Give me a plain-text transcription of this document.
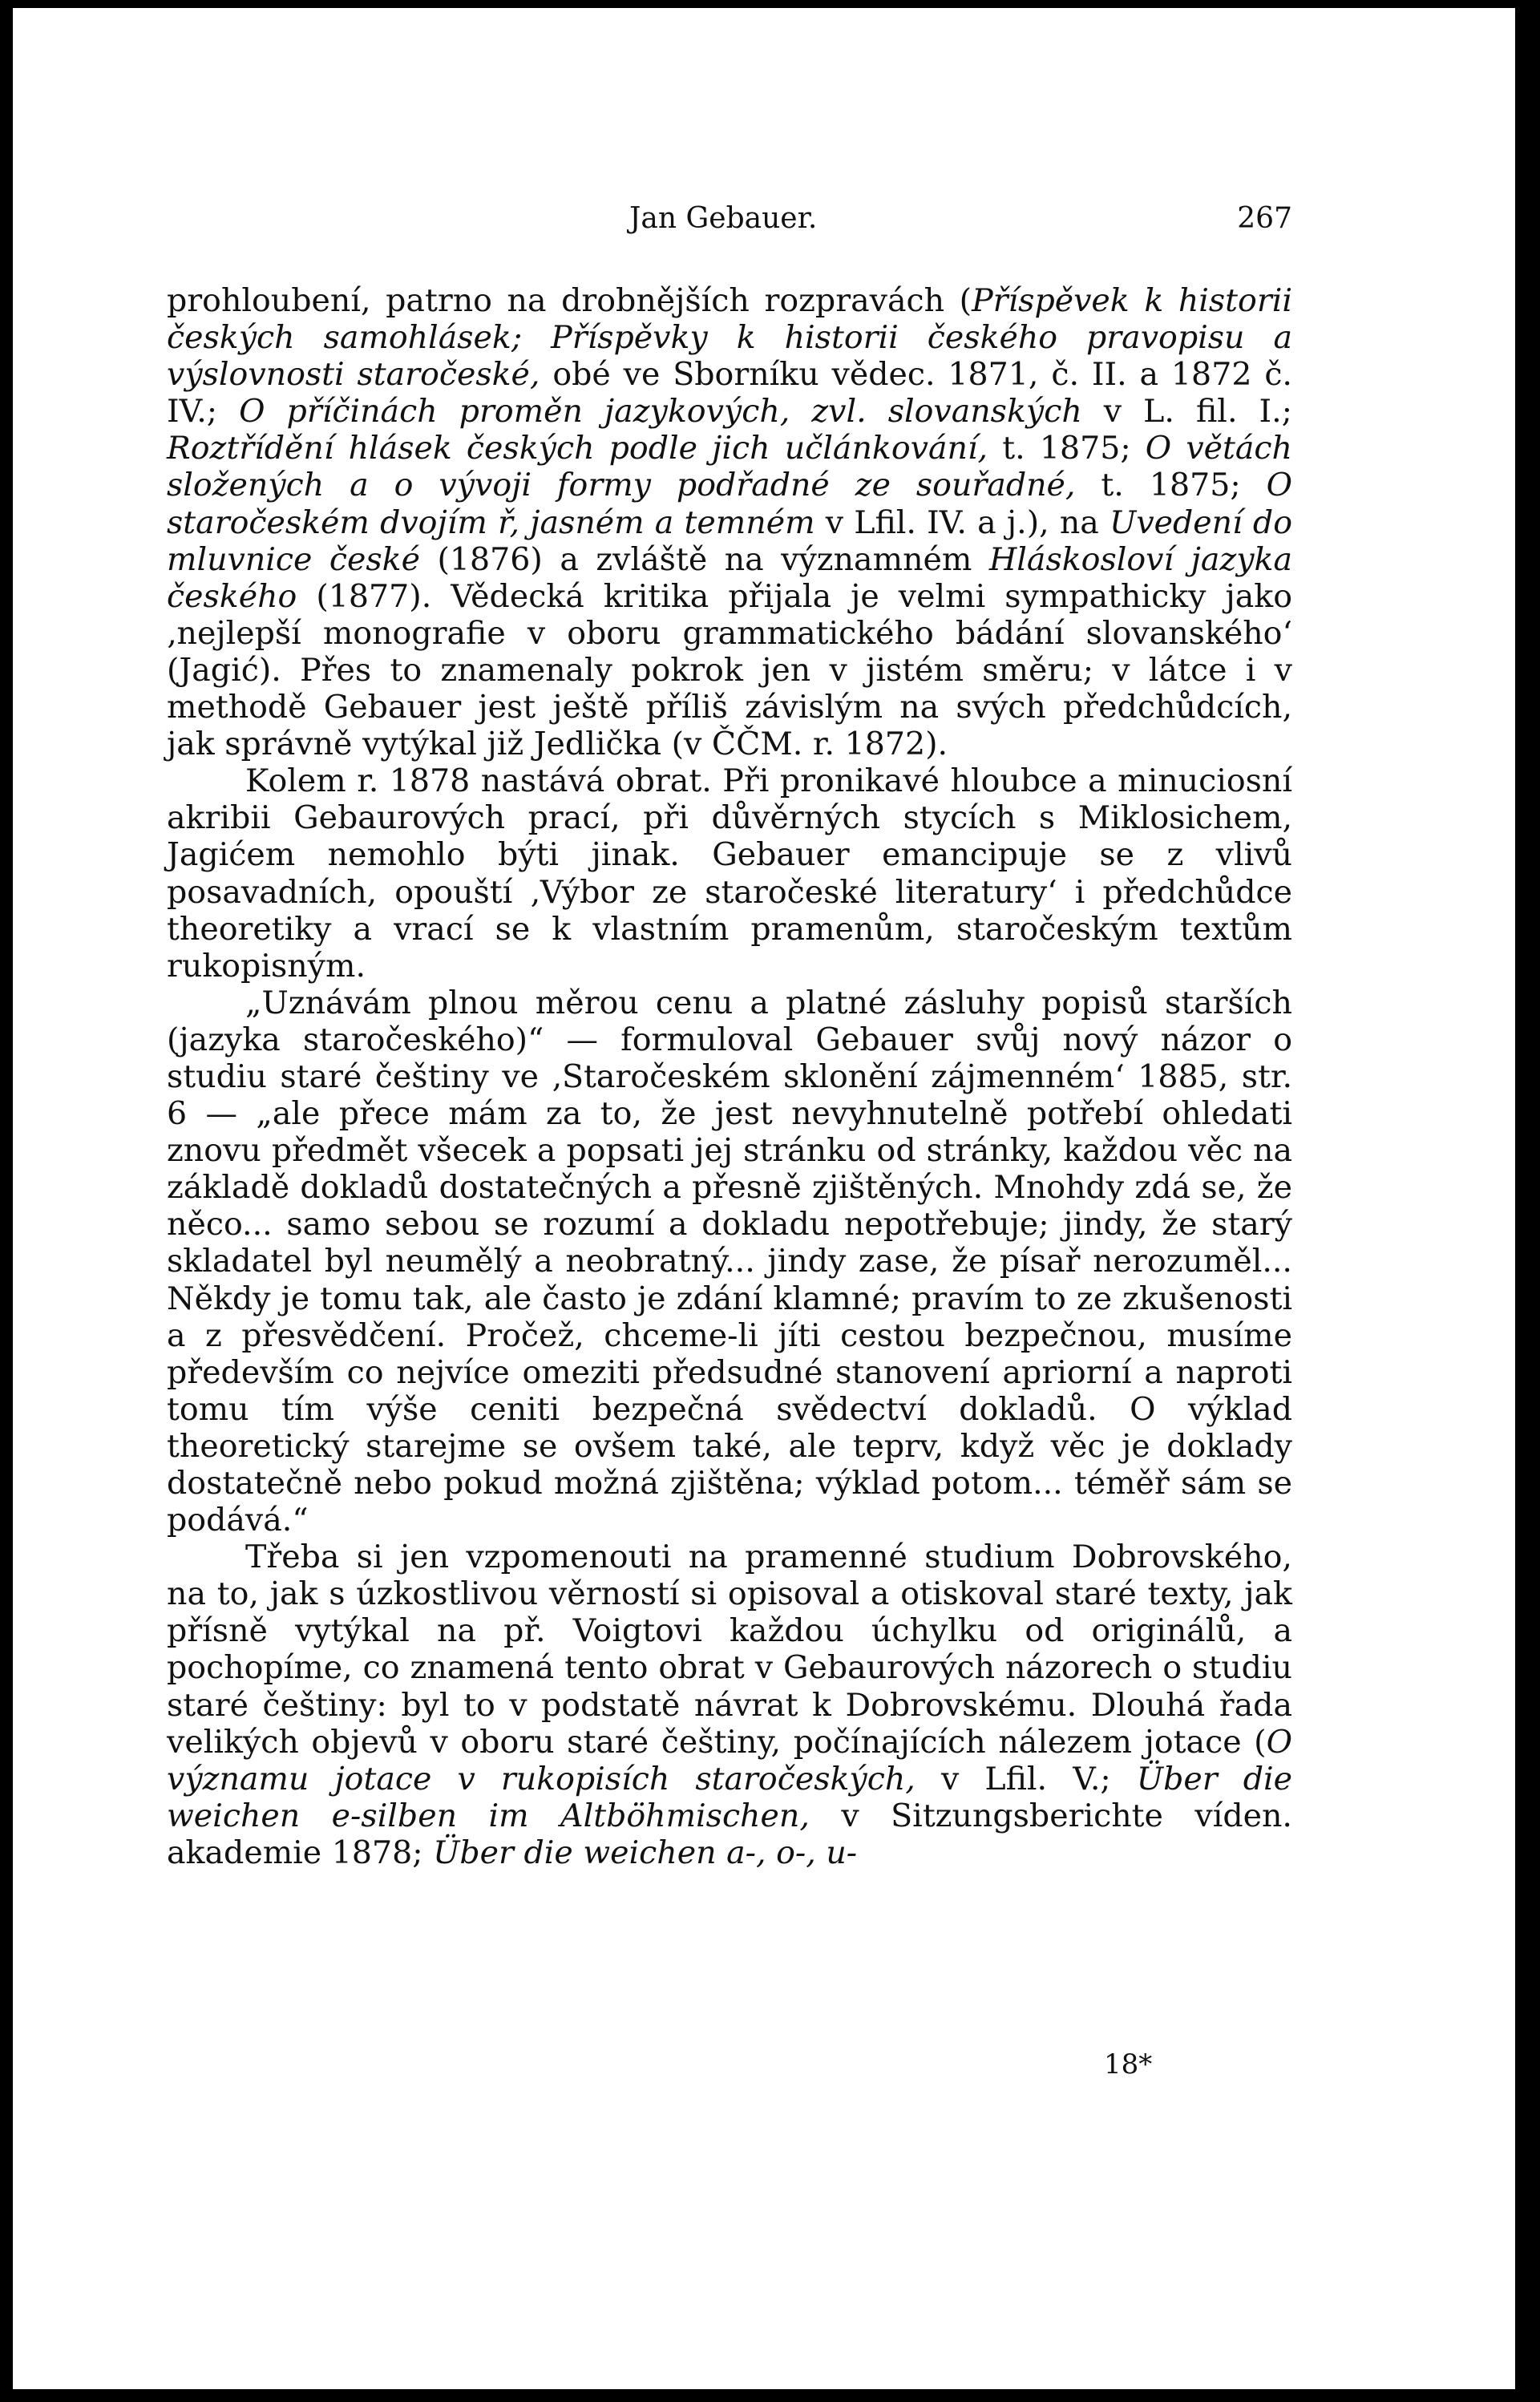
Jan Gebauer.	267

prohloubení, patrno na drobnějších rozpravách (Příspěvek k historii českých samohlásek; Příspěvky k historii českého pravopisu a výslovnosti staročeské, obé ve Sborníku vědec. 1871, č. II. a 1872 č. IV.; O příčinách proměn jazykových, zvl. slovanských v L. fil. I.; Roztřídění hlásek českých podle jich učlánkování, t. 1875; O větách složených a o vývoji formy podřadné ze souřadné, t. 1875; O staročeském dvojím ř, jasném a temném v Lfil. IV. a j.), na Uvedení do mluvnice české (1876) a zvláště na významném Hláskosloví jazyka českého (1877). Vědecká kritika přijala je velmi sympathicky jako ‚nejlepší monografie v oboru grammatického bádání slovanského‘ (Jagić). Přes to znamenaly pokrok jen v jistém směru; v látce i v methodě Gebauer jest ještě příliš závislým na svých předchůdcích, jak správně vytýkal již Jedlička (v ČČM. r. 1872).

Kolem r. 1878 nastává obrat. Při pronikavé hloubce a minuciosní akribii Gebaurových prací, při důvěrných stycích s Miklosichem, Jagićem nemohlo býti jinak. Gebauer emancipuje se z vlivů posavadních, opouští ‚Výbor ze staročeské literatury‘ i předchůdce theoretiky a vrací se k vlastním pramenům, staročeským textům rukopisným.

„Uznávám plnou měrou cenu a platné zásluhy popisů starších (jazyka staročeského)“ — formuloval Gebauer svůj nový názor o studiu staré češtiny ve ‚Staročeském sklonění zájmenném‘ 1885, str. 6 — „ale přece mám za to, že jest nevyhnutelně potřebí ohledati znovu předmět všecek a popsati jej stránku od stránky, každou věc na základě dokladů dostatečných a přesně zjištěných. Mnohdy zdá se, že něco... samo sebou se rozumí a dokladu nepotřebuje; jindy, že starý skladatel byl neumělý a neobratný... jindy zase, že písař nerozuměl... Někdy je tomu tak, ale často je zdání klamné; pravím to ze zkušenosti a z přesvědčení. Pročež, chceme-li jíti cestou bezpečnou, musíme především co nejvíce omeziti předsudné stanovení apriorní a naproti tomu tím výše ceniti bezpečná svědectví dokladů. O výklad theoretický starejme se ovšem také, ale teprv, když věc je doklady dostatečně nebo pokud možná zjištěna; výklad potom... téměř sám se podává.“

Třeba si jen vzpomenouti na pramenné studium Dobrovského, na to, jak s úzkostlivou věrností si opisoval a otiskoval staré texty, jak přísně vytýkal na př. Voigtovi každou úchylku od originálů, a pochopíme, co znamená tento obrat v Gebaurových názorech o studiu staré češtiny: byl to v podstatě návrat k Dobrovskému. Dlouhá řada velikých objevů v oboru staré češtiny, počínajících nálezem jotace (O významu jotace v rukopisích staročeských, v Lfil. V.; Über die weichen e-silben im Altböhmischen, v Sitzungsberichte víden. akademie 1878; Über die weichen a-, o-, u-

18*
